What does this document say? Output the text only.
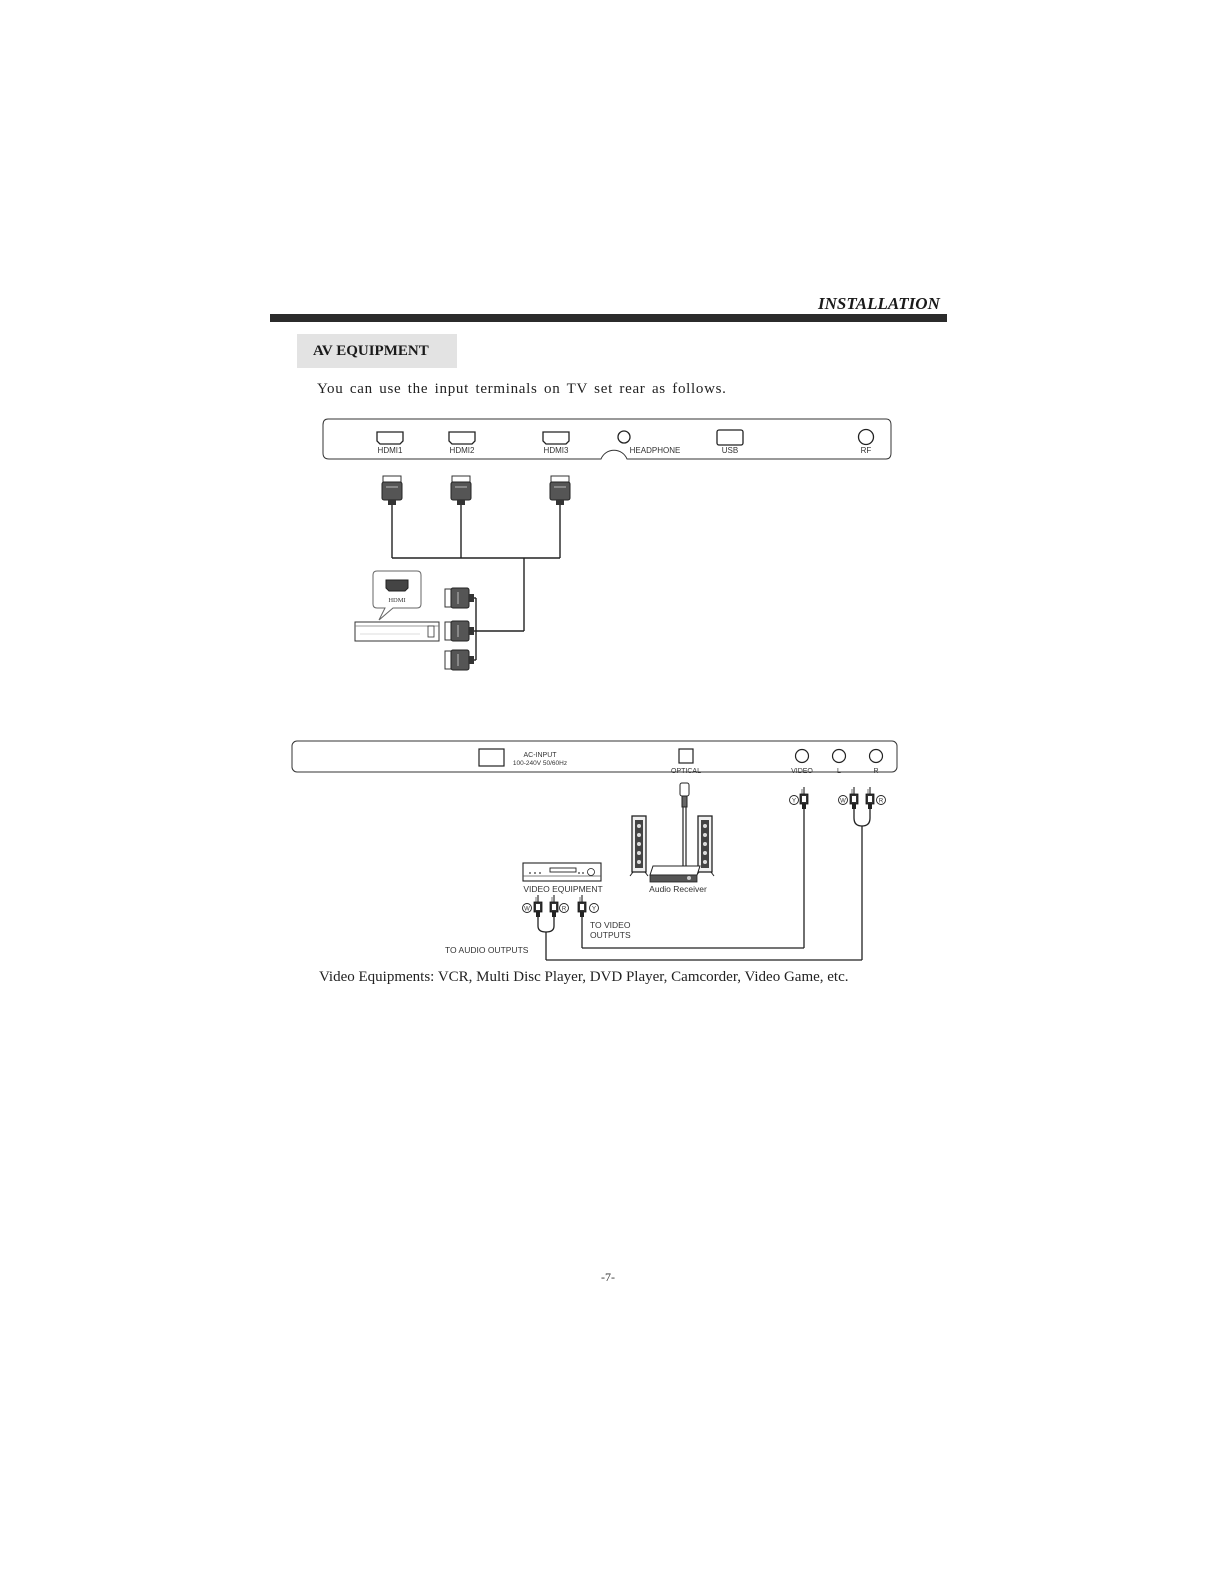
INSTALLATION
AV EQUIPMENT
You can use the input terminals on TV set rear as follows.
HDMI1	HDMI2	HDMI3	HEADPHONE	USB	RF
HDMI
AC-INPUT
100-240V 50/60Hz
OPTICAL	VIDEO	L	R
Y	W	R
Audio Receiver
VIDEO EQUIPMENT
W	R	Y
TO VIDEO
OUTPUTS
TO AUDIO OUTPUTS
Video Equipments: VCR, Multi Disc Player, DVD Player, Camcorder, Video Game, etc.
-7-
